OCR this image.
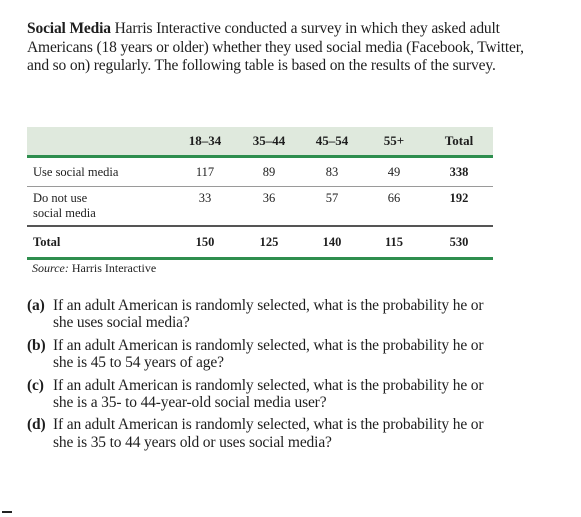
Social Media Harris Interactive conducted a survey in which they asked adult Americans (18 years or older) whether they used social media (Facebook, Twitter, and so on) regularly. The following table is based on the results of the survey.
	18–34	35–44	45–54	55+	Total
Use social media	117	89	83	49	338

Do not use
social media	33	36	57	66	192
Total	150	125	140	115	530
Source: Harris Interactive
(a) If an adult American is randomly selected, what is the probability he or she uses social media?
(b) If an adult American is randomly selected, what is the probability he or she is 45 to 54 years of age?
(c) If an adult American is randomly selected, what is the probability he or she is a 35- to 44-year-old social media user?
(d) If an adult American is randomly selected, what is the probability he or she is 35 to 44 years old or uses social media?
